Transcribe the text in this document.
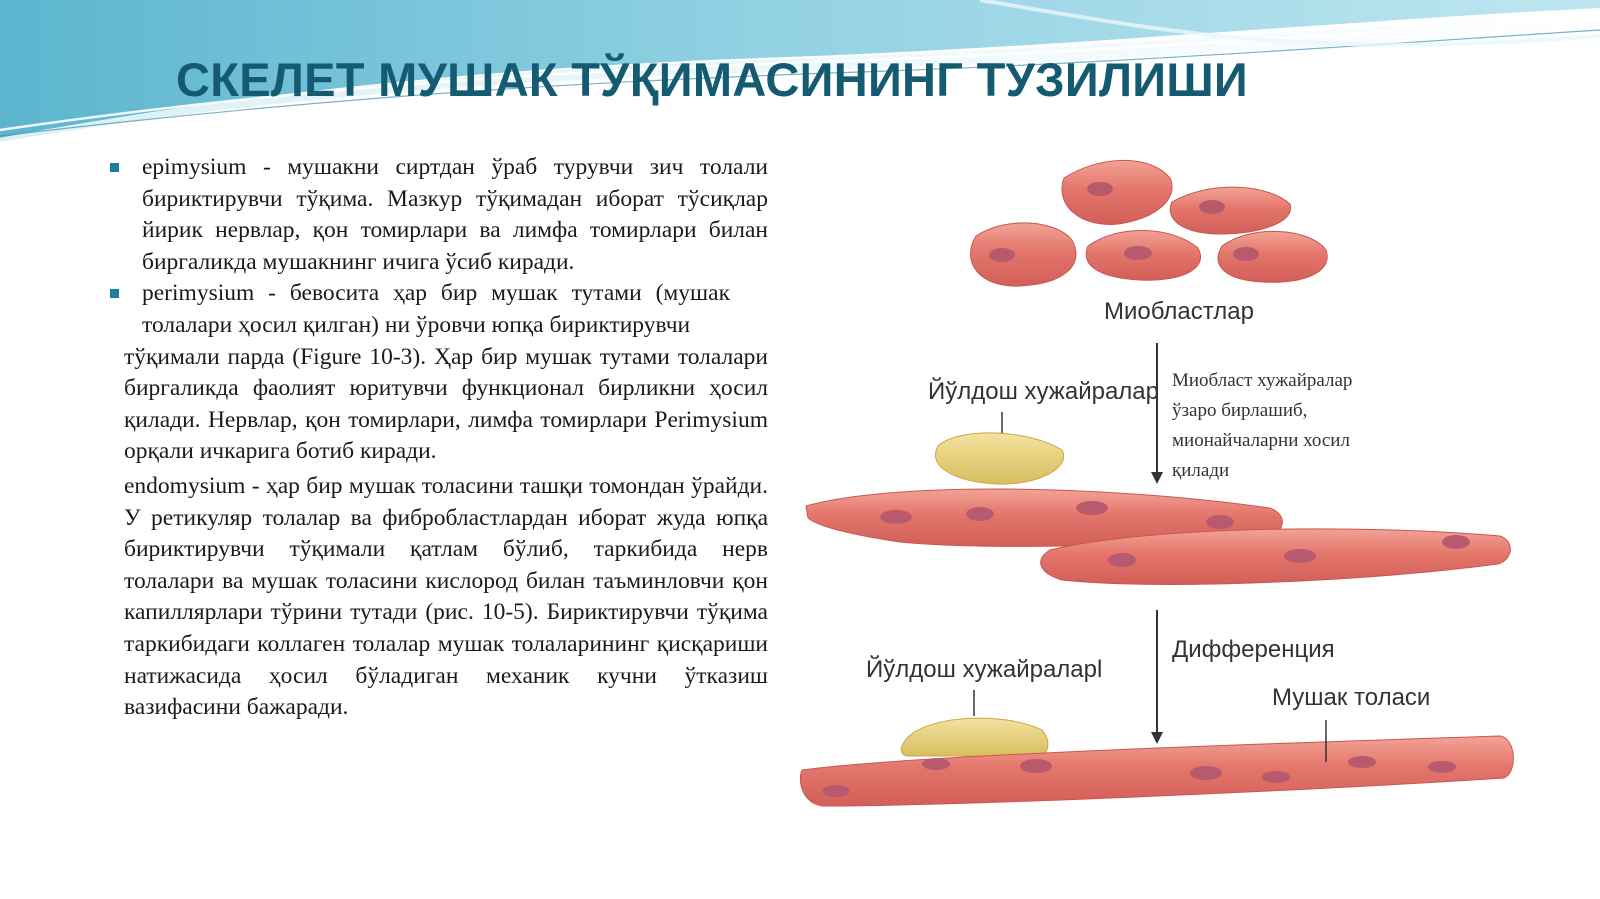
СКЕЛЕТ МУШАК ТЎҚИМАСИНИНГ ТУЗИЛИШИ
epimysium - мушакни сиртдан ўраб турувчи зич толали бириктирувчи тўқима. Мазкур тўқимадан иборат тўсиқлар йирик нервлар, қон томирлари ва лимфа томирлари билан биргаликда мушакнинг ичига ўсиб киради.
perimysium - бевосита ҳар бир мушак тутами (мушак толалари ҳосил қилган) ни ўровчи юпқа бириктирувчи
тўқимали парда (Figure 10-3). Ҳар бир мушак тутами толалари биргаликда фаолият юритувчи функционал бирликни ҳосил қилади. Нервлар, қон томирлари, лимфа томирлари Perimysium орқали ичкарига ботиб киради.
endomysium - ҳар бир мушак толасини ташқи томондан ўрайди. У ретикуляр толалар ва фибробластлардан иборат жуда юпқа бириктирувчи тўқимали қатлам бўлиб, таркибида нерв толалари ва мушак толасини кислород билан таъминловчи қон капиллярлари тўрини тутади (рис. 10-5). Бириктирувчи тўқима таркибидаги коллаген толалар мушак толаларининг қисқариши натижасида ҳосил бўладиган механик кучни ўтказиш вазифасини бажаради.
Миобластлар
Йўлдош хужайралар Миобласт хужайралар
ўзаро бирлашиб,
мионайчаларни хосил
қилади
Дифференция
Йўлдош хужайраларl
Мушак толаси
